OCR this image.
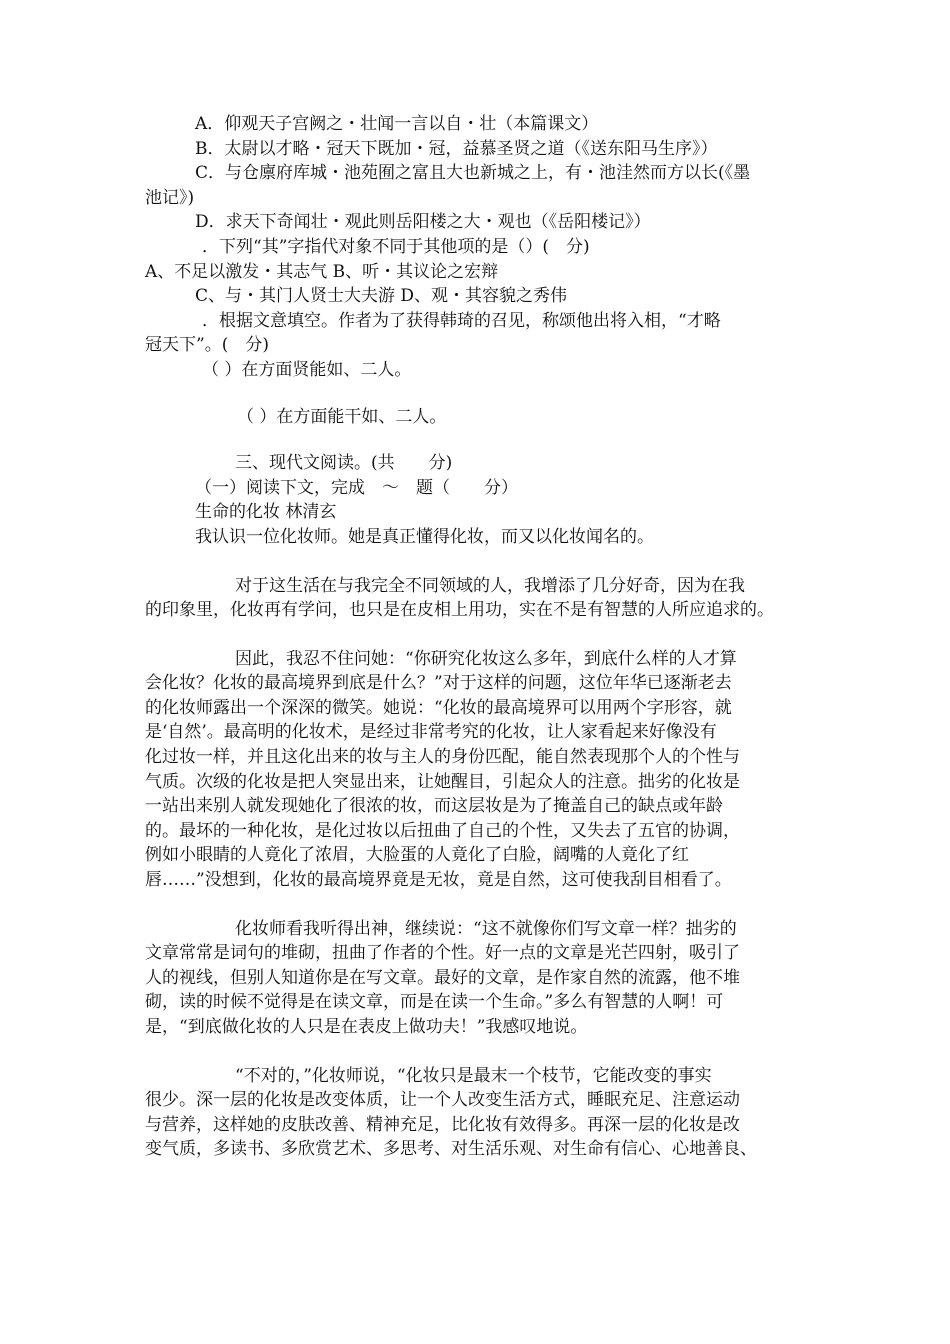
A．仰观天子宫阙之・壮闻一言以自・壮（本篇课文）

B．太尉以才略・冠天下既加・冠，益慕圣贤之道（《送东阳马生序》）

C．与仓廪府库城・池苑囿之富且大也新城之上，有・池洼然而方以长(《墨

池记》)

D．求天下奇闻壮・观此则岳阳楼之大・观也（《岳阳楼记》）

．下列“其”字指代对象不同于其他项的是（）(　分)

A、不足以激发・其志气 B、听・其议论之宏辩

C、与・其门人贤士大夫游 D、观・其容貌之秀伟

．根据文意填空。作者为了获得韩琦的召见，称颂他出将入相，“才略

冠天下”。(　分)

（ ）在方面贤能如、二人。

（ ）在方面能干如、二人。

三、现代文阅读。(共　　分)

（一）阅读下文，完成　～　题（　　分）

生命的化妆 林清玄

我认识一位化妆师。她是真正懂得化妆，而又以化妆闻名的。

对于这生活在与我完全不同领域的人，我增添了几分好奇，因为在我

的印象里，化妆再有学问，也只是在皮相上用功，实在不是有智慧的人所应追求的。

因此，我忍不住问她：“你研究化妆这么多年，到底什么样的人才算

会化妆？化妆的最高境界到底是什么？”对于这样的问题，这位年华已逐渐老去

的化妆师露出一个深深的微笑。她说：“化妆的最高境界可以用两个字形容，就

是‘自然’。最高明的化妆术，是经过非常考究的化妆，让人家看起来好像没有

化过妆一样，并且这化出来的妆与主人的身份匹配，能自然表现那个人的个性与

气质。次级的化妆是把人突显出来，让她醒目，引起众人的注意。拙劣的化妆是

一站出来别人就发现她化了很浓的妆，而这层妆是为了掩盖自己的缺点或年龄

的。最坏的一种化妆，是化过妆以后扭曲了自己的个性，又失去了五官的协调，

例如小眼睛的人竟化了浓眉，大脸蛋的人竟化了白脸，阔嘴的人竟化了红

唇……”没想到，化妆的最高境界竟是无妆，竟是自然，这可使我刮目相看了。

化妆师看我听得出神，继续说：“这不就像你们写文章一样？拙劣的

文章常常是词句的堆砌，扭曲了作者的个性。好一点的文章是光芒四射，吸引了

人的视线，但别人知道你是在写文章。最好的文章，是作家自然的流露，他不堆

砌，读的时候不觉得是在读文章，而是在读一个生命。”多么有智慧的人啊！可

是，“到底做化妆的人只是在表皮上做功夫！”我感叹地说。

“不对的，”化妆师说，“化妆只是最末一个枝节，它能改变的事实

很少。深一层的化妆是改变体质，让一个人改变生活方式，睡眠充足、注意运动

与营养，这样她的皮肤改善、精神充足，比化妆有效得多。再深一层的化妆是改

变气质，多读书、多欣赏艺术、多思考、对生活乐观、对生命有信心、心地善良、
